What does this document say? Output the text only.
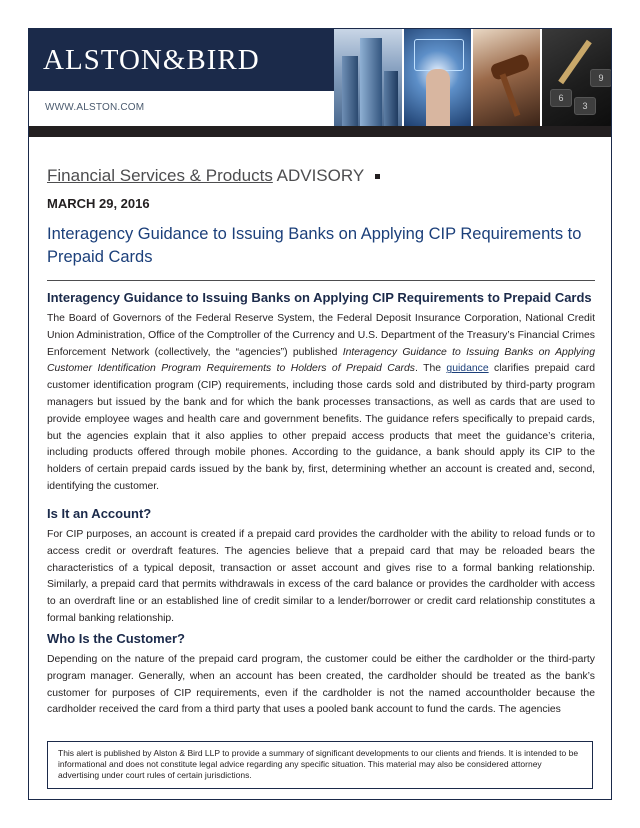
ALSTON&BIRD
WWW.ALSTON.COM
6
3
9
Financial Services & Products ADVISORY
MARCH 29, 2016
Interagency Guidance to Issuing Banks on Applying CIP Requirements to Prepaid Cards
Interagency Guidance to Issuing Banks on Applying CIP Requirements to Prepaid Cards

The Board of Governors of the Federal Reserve System, the Federal Deposit Insurance Corporation, National Credit Union Administration, Office of the Comptroller of the Currency and U.S. Department of the Treasury’s Financial Crimes Enforcement Network (collectively, the “agencies”) published Interagency Guidance to Issuing Banks on Applying Customer Identification Program Requirements to Holders of Prepaid Cards. The guidance clarifies prepaid card customer identification program (CIP) requirements, including those cards sold and distributed by third-party program managers but issued by the bank and for which the bank processes transactions, as well as cards that are used to provide employee wages and health care and government benefits. The guidance refers specifically to prepaid cards, but the agencies explain that it also applies to other prepaid access products that meet the guidance’s criteria, including products offered through mobile phones. According to the guidance, a bank should apply its CIP to the holders of certain prepaid cards issued by the bank by, first, determining whether an account is created and, second, identifying the customer.

Is It an Account?

For CIP purposes, an account is created if a prepaid card provides the cardholder with the ability to reload funds or to access credit or overdraft features. The agencies believe that a prepaid card that may be reloaded bears the characteristics of a typical deposit, transaction or asset account and gives rise to a formal banking relationship. Similarly, a prepaid card that permits withdrawals in excess of the card balance or provides the cardholder with access to an overdraft line or an established line of credit similar to a lender/borrower or credit card relationship constitutes a formal banking relationship.

Who Is the Customer?

Depending on the nature of the prepaid card program, the customer could be either the cardholder or the third-party program manager. Generally, when an account has been created, the cardholder should be treated as the bank’s customer for purposes of CIP requirements, even if the cardholder is not the named accountholder because the cardholder received the card from a third party that uses a pooled bank account to fund the cards. The agencies

This alert is published by Alston & Bird LLP to provide a summary of significant developments to our clients and friends. It is intended to be informational and does not constitute legal advice regarding any specific situation. This material may also be considered attorney advertising under court rules of certain jurisdictions.
